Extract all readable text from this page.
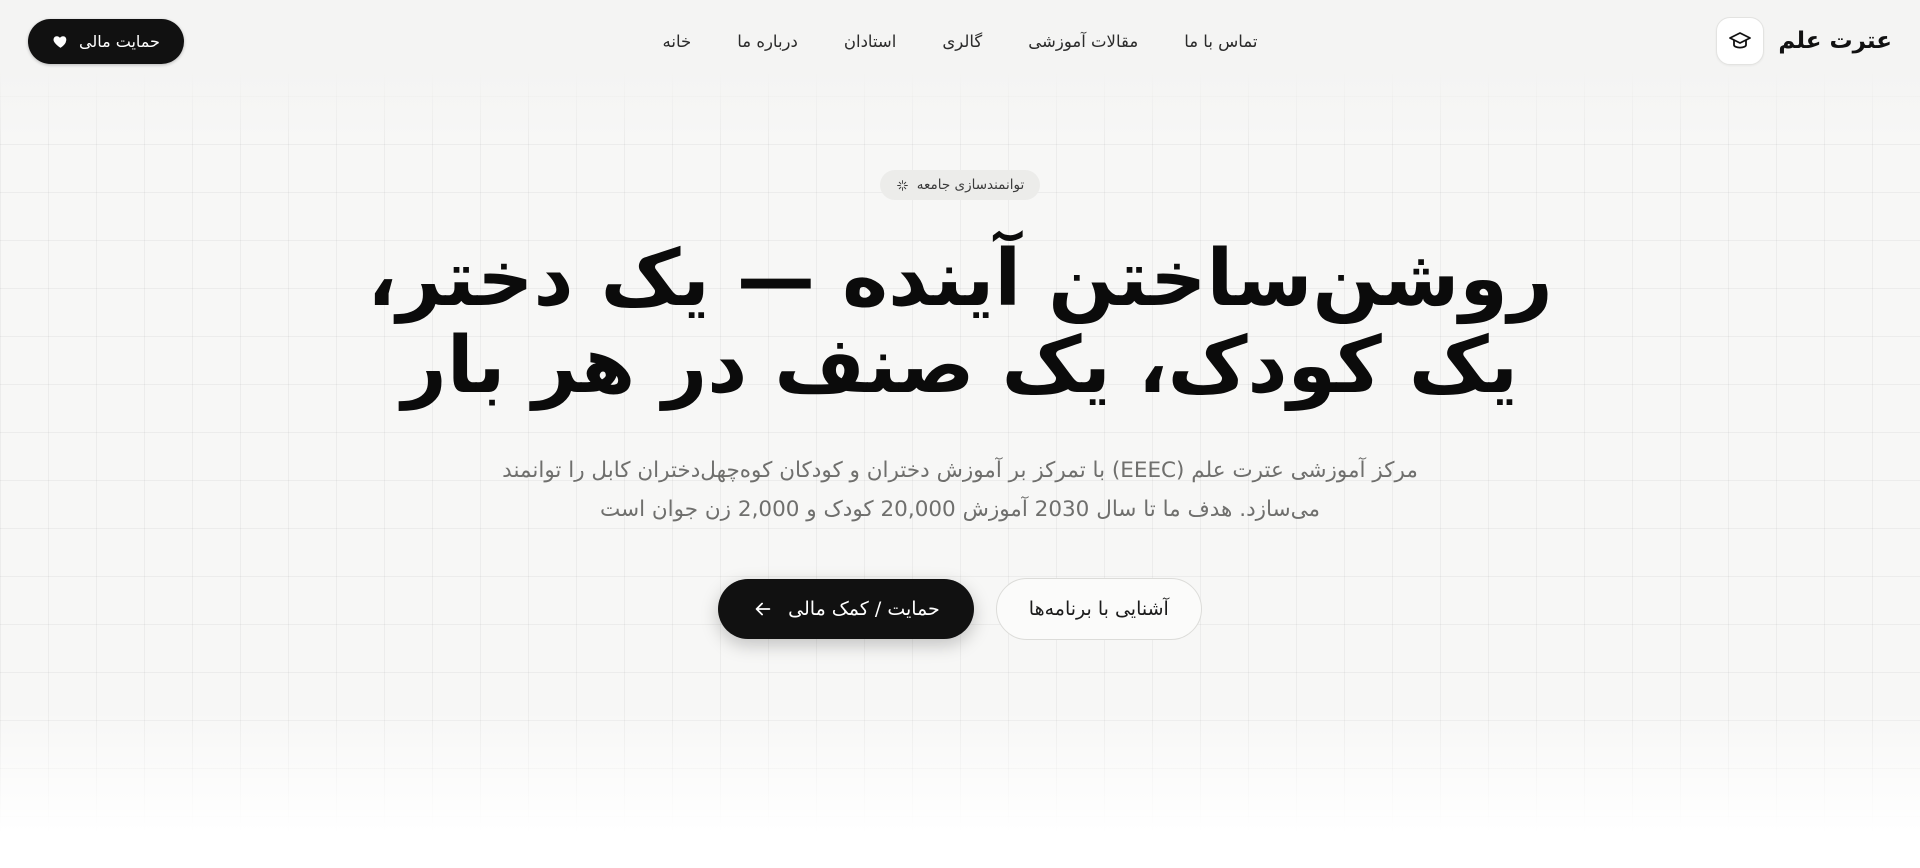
عترت علم
تماس با ما
مقالات آموزشی
گالری
استادان
درباره ما
خانه
حمایت مالی
توانمندسازی جامعه
روشن‌ساختن آینده — یک دختر، یک کودک، یک صنف در هر بار

مرکز آموزشی عترت علم (EEEC) با تمرکز بر آموزش دختران و کودکان کوه‌چهل‌دختران کابل را توانمند می‌سازد. هدف ما تا سال 2030 آموزش 20,000 کودک و 2,000 زن جوان است

آشنایی با برنامه‌ها
حمایت / کمک مالی
